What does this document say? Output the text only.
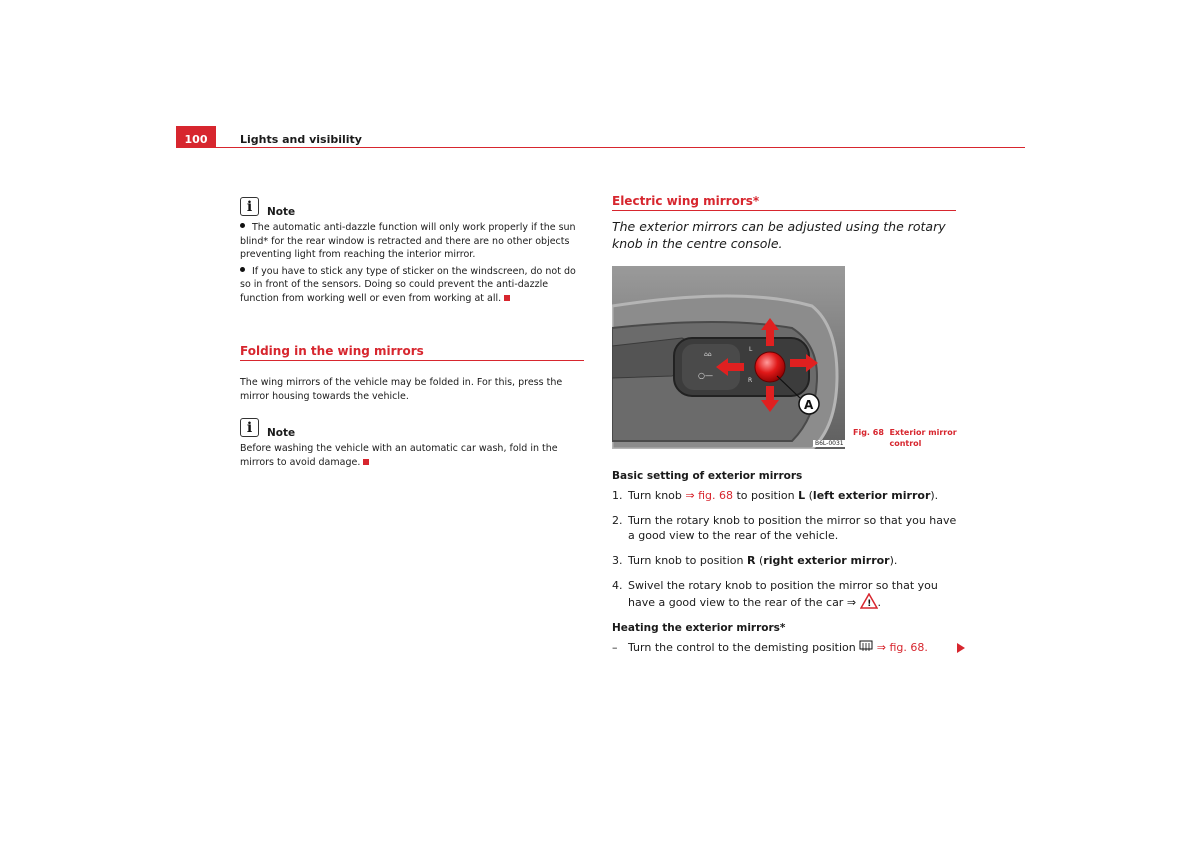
100	Lights and visibility
i Note
The automatic anti-dazzle function will only work properly if the sun blind* for the rear window is retracted and there are no other objects preventing light from reaching the interior mirror.
If you have to stick any type of sticker on the windscreen, do not do so in front of the sensors. Doing so could prevent the anti-dazzle function from working well or even from working at all.
Folding in the wing mirrors
The wing mirrors of the vehicle may be folded in. For this, press the mirror housing towards the vehicle.
i Note
Before washing the vehicle with an automatic car wash, fold in the mirrors to avoid damage.
Electric wing mirrors*
The exterior mirrors can be adjusted using the rotary knob in the centre console.
⌂⌂
○—
L
R
A
B6L-0031
Fig. 68 Exterior mirror control
Basic setting of exterior mirrors
1. Turn knob ⇒ fig. 68 to position L (left exterior mirror).
2. Turn the rotary knob to position the mirror so that you have a good view to the rear of the vehicle.
3. Turn knob to position R (right exterior mirror).
4. Swivel the rotary knob to position the mirror so that you have a good view to the rear of the car ⇒ ! .
Heating the exterior mirrors*
– Turn the control to the demisting position ⇒ fig. 68.
